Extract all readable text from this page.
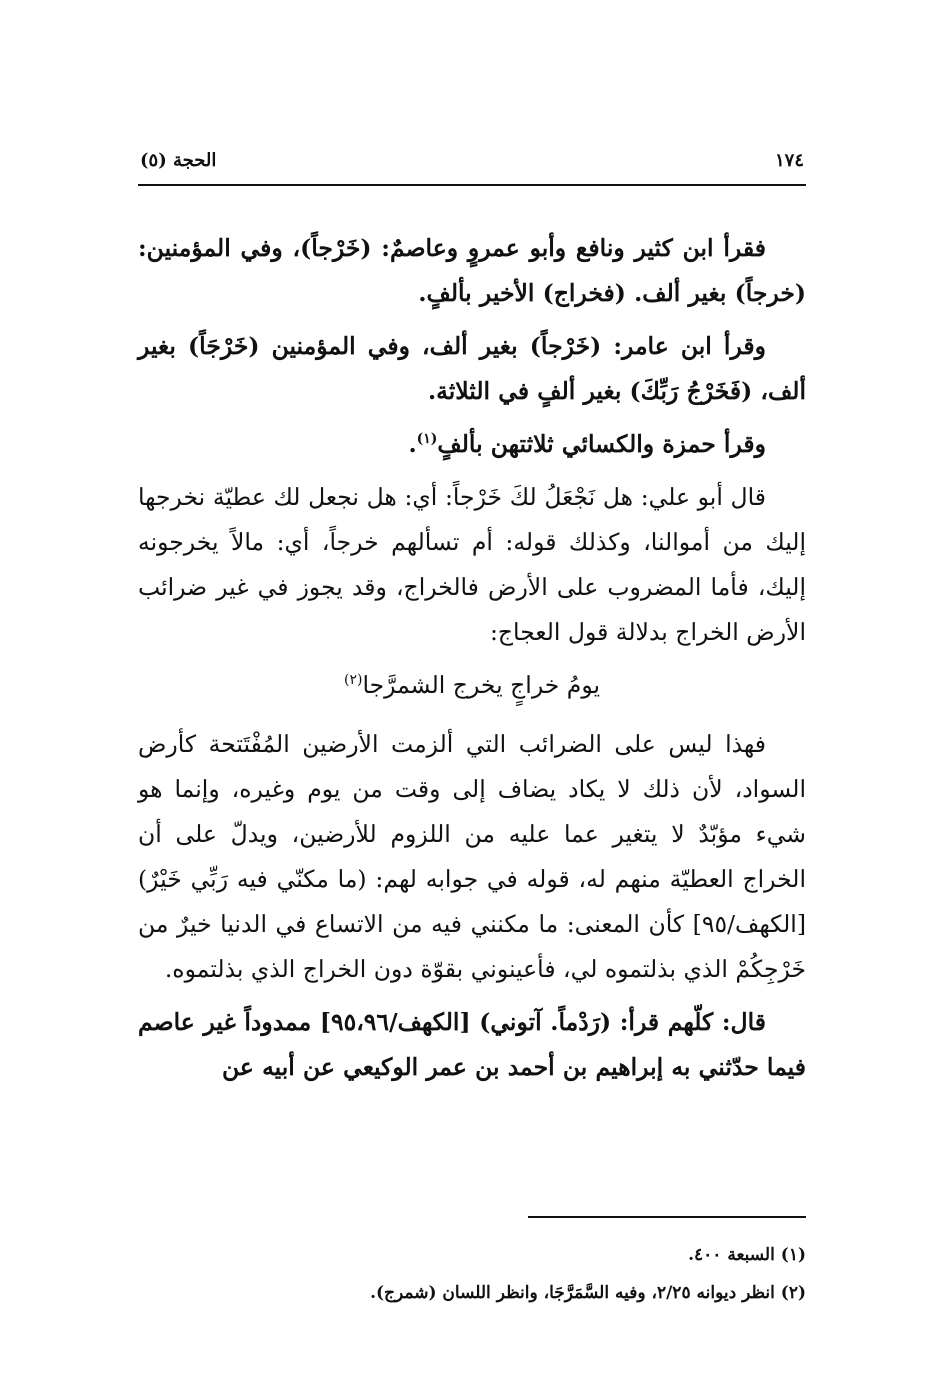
١٧٤
الحجة (٥)

فقرأ ابن كثير ونافع وأبو عمروٍ وعاصمٌ: (خَرْجاً)، وفي المؤمنين: (خرجاً) بغير ألف. (فخراج) الأخير بألفٍ.

وقرأ ابن عامر: (خَرْجاً) بغير ألف، وفي المؤمنين (خَرْجَاً) بغير ألف، (فَخَرْجُ رَبِّكَ) بغير ألفٍ في الثلاثة.

وقرأ حمزة والكسائي ثلاثتهن بألفٍ$^{(١)}$.

قال أبو علي: هل نَجْعَلُ لكَ خَرْجاً: أي: هل نجعل لك عطيّة نخرجها إليك من أموالنا، وكذلك قوله: أم تسألهم خرجاً، أي: مالاً يخرجونه إليك، فأما المضروب على الأرض فالخراج، وقد يجوز في غير ضرائب الأرض الخراج بدلالة قول العجاج:

يومُ خراجٍ يخرج الشمرَّجا$^{(٢)}$

فهذا ليس على الضرائب التي ألزمت الأرضين المُفْتَتحة كأرض السواد، لأن ذلك لا يكاد يضاف إلى وقت من يوم وغيره، وإنما هو شيء مؤبّدٌ لا يتغير عما عليه من اللزوم للأرضين، ويدلّ على أن الخراج العطيّة منهم له، قوله في جوابه لهم: (ما مكنّي فيه رَبِّي خَيْرٌ) [الكهف/٩٥] كأن المعنى: ما مكنني فيه من الاتساع في الدنيا خيرٌ من خَرْجِكُمْ الذي بذلتموه لي، فأعينوني بقوّة دون الخراج الذي بذلتموه.

قال: كلّهم قرأ: (رَدْماً. آتوني) [الكهف/٩٥،٩٦] ممدوداً غير عاصم فيما حدّثني به إبراهيم بن أحمد بن عمر الوكيعي عن أبيه عن

(١) السبعة ٤٠٠.
(٢) انظر ديوانه ٢/٢٥، وفيه السَّمَرَّجَا، وانظر اللسان (شمرج).
